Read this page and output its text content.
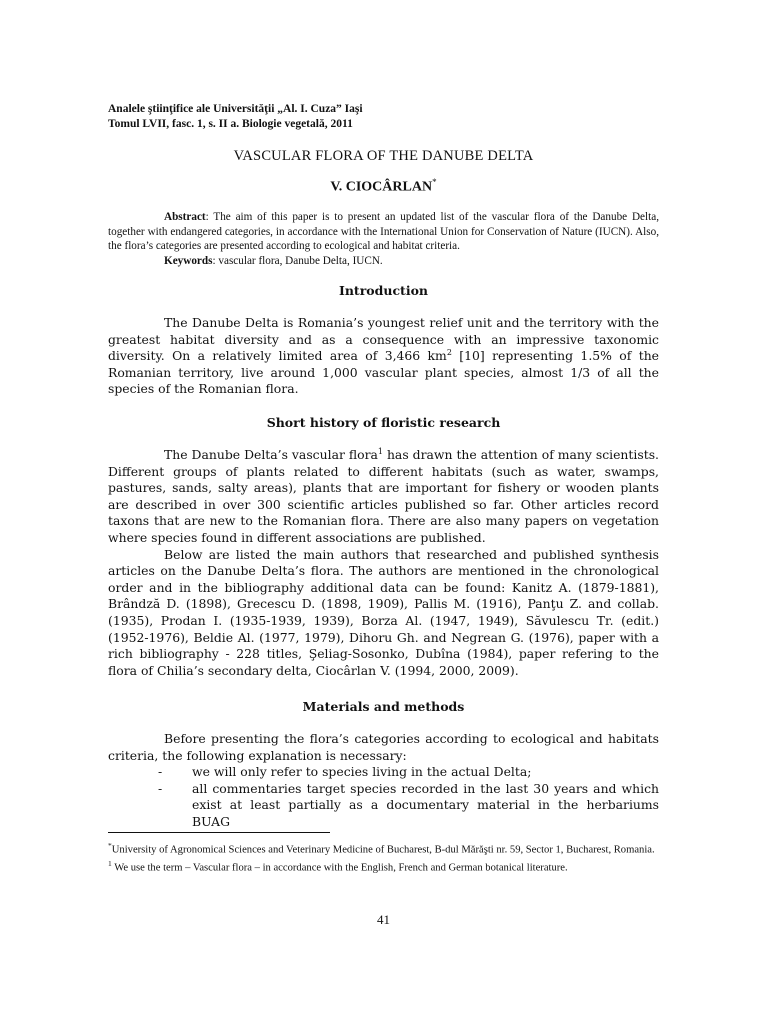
Analele ştiinţifice ale Universităţii „Al. I. Cuza” Iaşi
Tomul LVII, fasc. 1, s. II a. Biologie vegetală, 2011
VASCULAR FLORA OF THE DANUBE DELTA
V. CIOCÂRLAN*

Abstract: The aim of this paper is to present an updated list of the vascular flora of the Danube Delta, together with endangered categories, in accordance with the International Union for Conservation of Nature (IUCN). Also, the flora’s categories are presented according to ecological and habitat criteria.

Keywords: vascular flora, Danube Delta, IUCN.

Introduction

The Danube Delta is Romania’s youngest relief unit and the territory with the greatest habitat diversity and as a consequence with an impressive taxonomic diversity. On a relatively limited area of 3,466 $km^2$ [10] representing 1.5% of the Romanian territory, live around 1,000 vascular plant species, almost 1/3 of all the species of the Romanian flora.

Short history of floristic research

The Danube Delta’s vascular flora$^1$ has drawn the attention of many scientists. Different groups of plants related to different habitats (such as water, swamps, pastures, sands, salty areas), plants that are important for fishery or wooden plants are described in over 300 scientific articles published so far. Other articles record taxons that are new to the Romanian flora. There are also many papers on vegetation where species found in different associations are published.

Below are listed the main authors that researched and published synthesis articles on the Danube Delta’s flora. The authors are mentioned in the chronological order and in the bibliography additional data can be found: Kanitz A. (1879-1881), Brândză D. (1898), Grecescu D. (1898, 1909), Pallis M. (1916), Panţu Z. and collab. (1935), Prodan I. (1935-1939, 1939), Borza Al. (1947, 1949), Săvulescu Tr. (edit.) (1952-1976), Beldie Al. (1977, 1979), Dihoru Gh. and Negrean G. (1976), paper with a rich bibliography - 228 titles, Şeliag-Sosonko, Dubîna (1984), paper refering to the flora of Chilia’s secondary delta, Ciocârlan V. (1994, 2000, 2009).

Materials and methods

Before presenting the flora’s categories according to ecological and habitats criteria, the following explanation is necessary:

- we will only refer to species living in the actual Delta;
- all commentaries target species recorded in the last 30 years and which exist at least partially as a documentary material in the herbariums BUAG

*University of Agronomical Sciences and Veterinary Medicine of Bucharest, B-dul Mărăşti nr. 59, Sector 1, Bucharest, Romania.

$^1$ We use the term – Vascular flora – in accordance with the English, French and German botanical literature.

41
